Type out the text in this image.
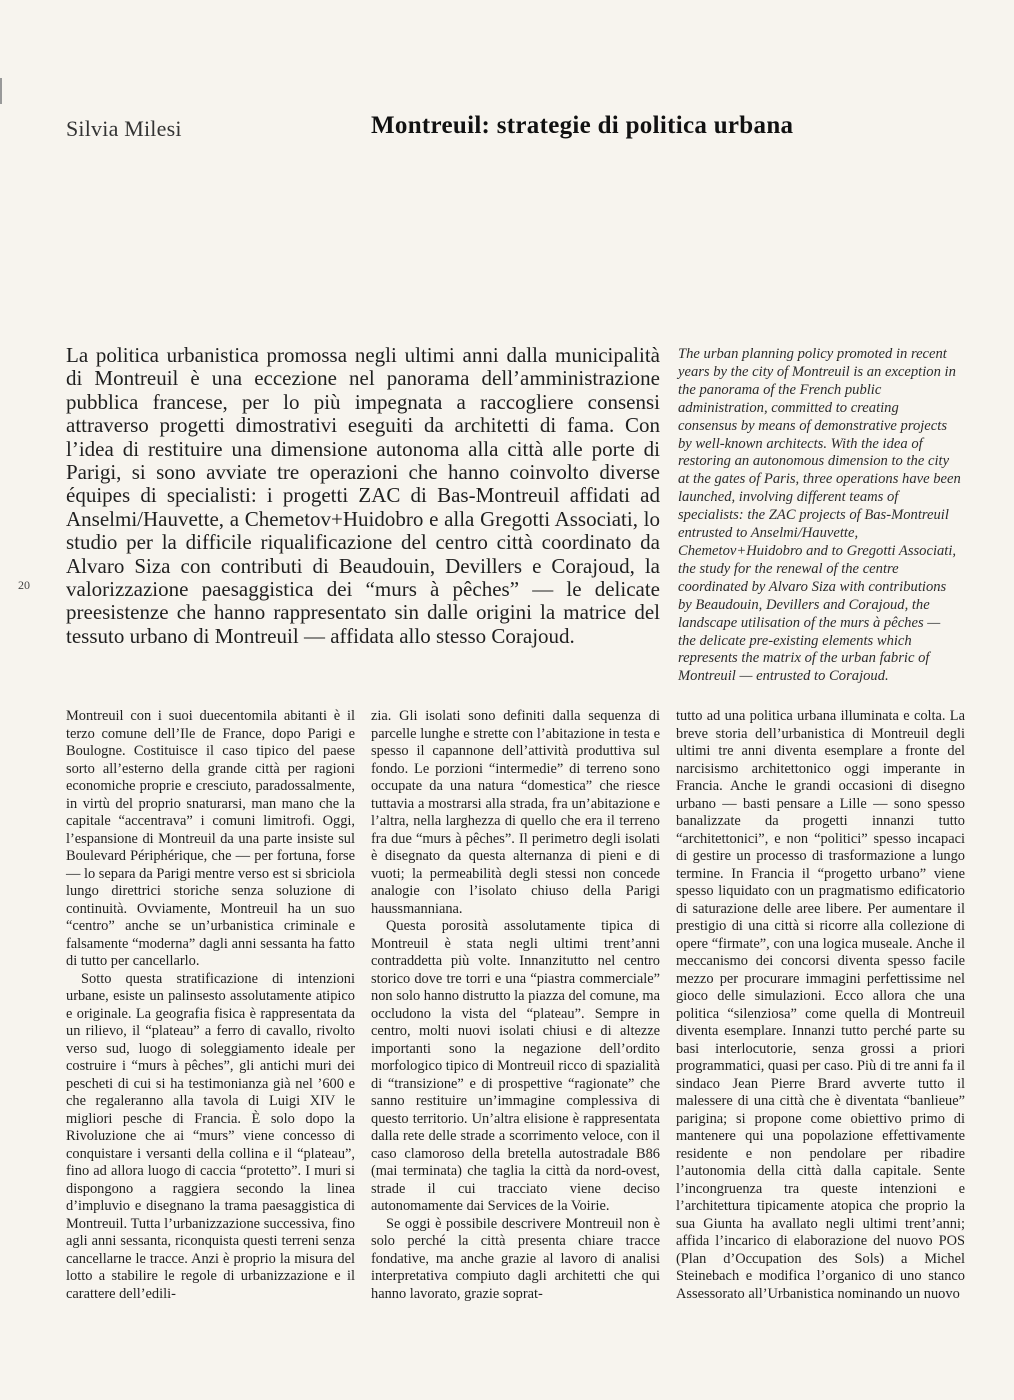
Silvia Milesi	Montreuil: strategie di politica urbana

La politica urbanistica promossa negli ultimi anni dalla municipalità di Montreuil è una eccezione nel panorama dell’amministrazione pubblica francese, per lo più impegnata a raccogliere consensi attraverso progetti dimostrativi eseguiti da architetti di fama. Con l’idea di restituire una dimensione autonoma alla città alle porte di Parigi, si sono avviate tre operazioni che hanno coinvolto diverse équipes di specialisti: i progetti ZAC di Bas-Montreuil affidati ad Anselmi/Hauvette, a Chemetov+Huidobro e alla Gregotti Associati, lo studio per la difficile riqualificazione del centro città coordinato da Alvaro Siza con contributi di Beaudouin, Devillers e Corajoud, la valorizzazione paesaggistica dei “murs à pêches” — le delicate preesistenze che hanno rappresentato sin dalle origini la matrice del tessuto urbano di Montreuil — affidata allo stesso Corajoud.

The urban planning policy promoted in recent years by the city of Montreuil is an exception in the panorama of the French public administration, committed to creating consensus by means of demonstrative projects by well-known architects. With the idea of restoring an autonomous dimension to the city at the gates of Paris, three operations have been launched, involving different teams of specialists: the ZAC projects of Bas-Montreuil entrusted to Anselmi/Hauvette, Chemetov+Huidobro and to Gregotti Associati, the study for the renewal of the centre coordinated by Alvaro Siza with contributions by Beaudouin, Devillers and Corajoud, the landscape utilisation of the murs à pêches — the delicate pre-existing elements which represents the matrix of the urban fabric of Montreuil — entrusted to Corajoud.

20

Montreuil con i suoi duecentomila abitanti è il terzo comune dell’Ile de France, dopo Parigi e Boulogne. Costituisce il caso tipico del paese sorto all’esterno della grande città per ragioni economiche proprie e cresciuto, paradossalmente, in virtù del proprio snaturarsi, man mano che la capitale “accentrava” i comuni limitrofi. Oggi, l’espansione di Montreuil da una parte insiste sul Boulevard Périphérique, che — per fortuna, forse — lo separa da Parigi mentre verso est si sbriciola lungo direttrici storiche senza soluzione di continuità. Ovviamente, Montreuil ha un suo “centro” anche se un’urbanistica criminale e falsamente “moderna” dagli anni sessanta ha fatto di tutto per cancellarlo.

Sotto questa stratificazione di intenzioni urbane, esiste un palinsesto assolutamente atipico e originale. La geografia fisica è rappresentata da un rilievo, il “plateau” a ferro di cavallo, rivolto verso sud, luogo di soleggiamento ideale per costruire i “murs à pêches”, gli antichi muri dei pescheti di cui si ha testimonianza già nel ’600 e che regaleranno alla tavola di Luigi XIV le migliori pesche di Francia. È solo dopo la Rivoluzione che ai “murs” viene concesso di conquistare i versanti della collina e il “plateau”, fino ad allora luogo di caccia “protetto”. I muri si dispongono a raggiera secondo la linea d’impluvio e disegnano la trama paesaggistica di Montreuil. Tutta l’urbanizzazione successiva, fino agli anni sessanta, riconquista questi terreni senza cancellarne le tracce. Anzi è proprio la misura del lotto a stabilire le regole di urbanizzazione e il carattere dell’edili-

zia. Gli isolati sono definiti dalla sequenza di parcelle lunghe e strette con l’abitazione in testa e spesso il capannone dell’attività produttiva sul fondo. Le porzioni “intermedie” di terreno sono occupate da una natura “domestica” che riesce tuttavia a mostrarsi alla strada, fra un’abitazione e l’altra, nella larghezza di quello che era il terreno fra due “murs à pêches”. Il perimetro degli isolati è disegnato da questa alternanza di pieni e di vuoti; la permeabilità degli stessi non concede analogie con l’isolato chiuso della Parigi haussmanniana.

Questa porosità assolutamente tipica di Montreuil è stata negli ultimi trent’anni contraddetta più volte. Innanzitutto nel centro storico dove tre torri e una “piastra commerciale” non solo hanno distrutto la piazza del comune, ma occludono la vista del “plateau”. Sempre in centro, molti nuovi isolati chiusi e di altezze importanti sono la negazione dell’ordito morfologico tipico di Montreuil ricco di spazialità di “transizione” e di prospettive “ragionate” che sanno restituire un’immagine complessiva di questo territorio. Un’altra elisione è rappresentata dalla rete delle strade a scorrimento veloce, con il caso clamoroso della bretella autostradale B86 (mai terminata) che taglia la città da nord-ovest, strade il cui tracciato viene deciso autonomamente dai Services de la Voirie.

Se oggi è possibile descrivere Montreuil non è solo perché la città presenta chiare tracce fondative, ma anche grazie al lavoro di analisi interpretativa compiuto dagli architetti che qui hanno lavorato, grazie soprat-

tutto ad una politica urbana illuminata e colta. La breve storia dell’urbanistica di Montreuil degli ultimi tre anni diventa esemplare a fronte del narcisismo architettonico oggi imperante in Francia. Anche le grandi occasioni di disegno urbano — basti pensare a Lille — sono spesso banalizzate da progetti innanzi tutto “architettonici”, e non “politici” spesso incapaci di gestire un processo di trasformazione a lungo termine. In Francia il “progetto urbano” viene spesso liquidato con un pragmatismo edificatorio di saturazione delle aree libere. Per aumentare il prestigio di una città si ricorre alla collezione di opere “firmate”, con una logica museale. Anche il meccanismo dei concorsi diventa spesso facile mezzo per procurare immagini perfettissime nel gioco delle simulazioni. Ecco allora che una politica “silenziosa” come quella di Montreuil diventa esemplare. Innanzi tutto perché parte su basi interlocutorie, senza grossi a priori programmatici, quasi per caso. Più di tre anni fa il sindaco Jean Pierre Brard avverte tutto il malessere di una città che è diventata “banlieue” parigina; si propone come obiettivo primo di mantenere qui una popolazione effettivamente residente e non pendolare per ribadire l’autonomia della città dalla capitale. Sente l’incongruenza tra queste intenzioni e l’architettura tipicamente atopica che proprio la sua Giunta ha avallato negli ultimi trent’anni; affida l’incarico di elaborazione del nuovo POS (Plan d’Occupation des Sols) a Michel Steinebach e modifica l’organico di uno stanco Assessorato all’Urbanistica nominando un nuovo
